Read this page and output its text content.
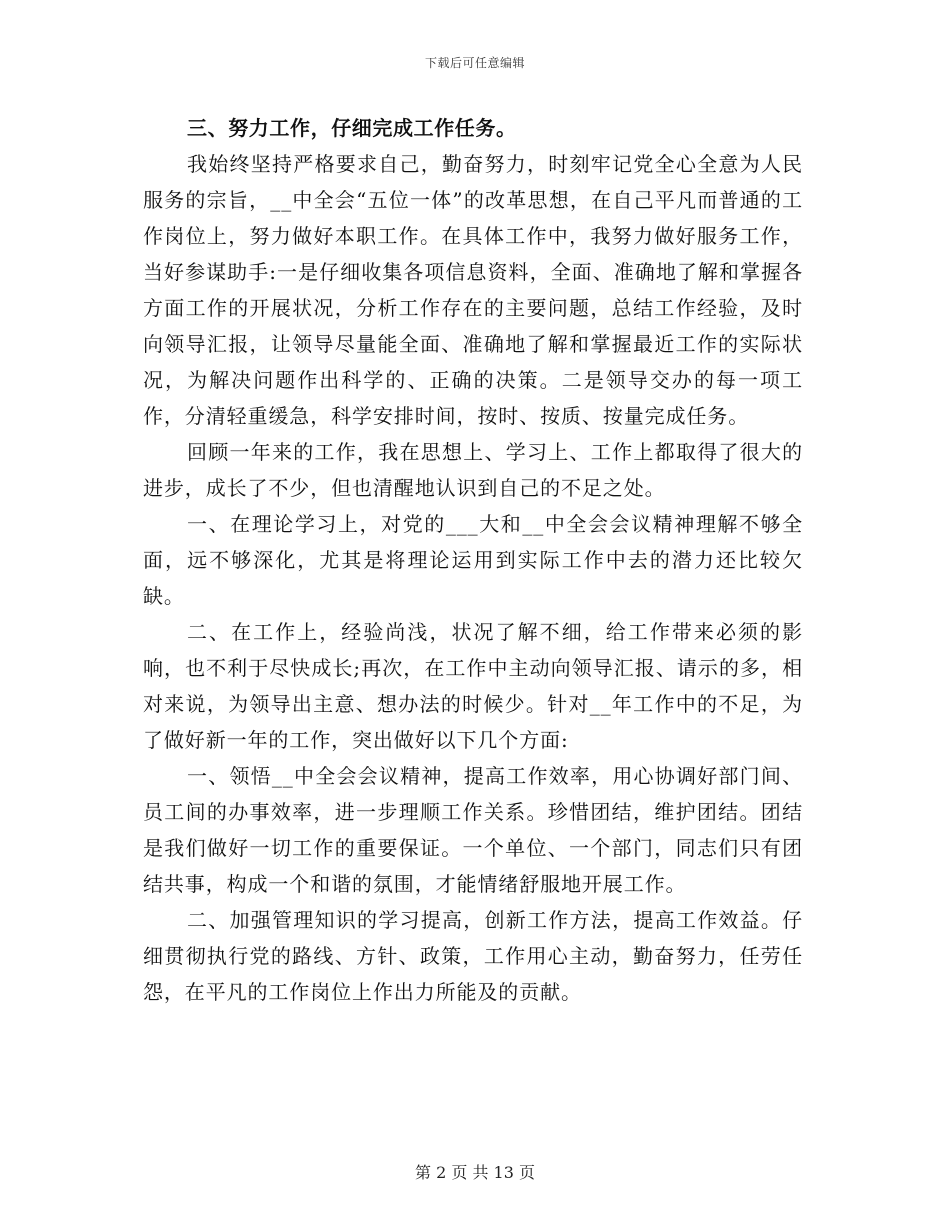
下载后可任意编辑

三、努力工作，仔细完成工作任务。

我始终坚持严格要求自己，勤奋努力，时刻牢记党全心全意为人民服务的宗旨，__中全会“五位一体”的改革思想，在自己平凡而普通的工作岗位上，努力做好本职工作。在具体工作中，我努力做好服务工作，当好参谋助手:一是仔细收集各项信息资料，全面、准确地了解和掌握各方面工作的开展状况，分析工作存在的主要问题，总结工作经验，及时向领导汇报，让领导尽量能全面、准确地了解和掌握最近工作的实际状况，为解决问题作出科学的、正确的决策。二是领导交办的每一项工作，分清轻重缓急，科学安排时间，按时、按质、按量完成任务。

回顾一年来的工作，我在思想上、学习上、工作上都取得了很大的进步，成长了不少，但也清醒地认识到自己的不足之处。

一、在理论学习上，对党的___大和__中全会会议精神理解不够全面，远不够深化，尤其是将理论运用到实际工作中去的潜力还比较欠缺。

二、在工作上，经验尚浅，状况了解不细，给工作带来必须的影响，也不利于尽快成长;再次，在工作中主动向领导汇报、请示的多，相对来说，为领导出主意、想办法的时候少。针对__年工作中的不足，为了做好新一年的工作，突出做好以下几个方面:

一、领悟__中全会会议精神，提高工作效率，用心协调好部门间、员工间的办事效率，进一步理顺工作关系。珍惜团结，维护团结。团结是我们做好一切工作的重要保证。一个单位、一个部门，同志们只有团结共事，构成一个和谐的氛围，才能情绪舒服地开展工作。

二、加强管理知识的学习提高，创新工作方法，提高工作效益。仔细贯彻执行党的路线、方针、政策，工作用心主动，勤奋努力，任劳任怨，在平凡的工作岗位上作出力所能及的贡献。

第 2 页 共 13 页
